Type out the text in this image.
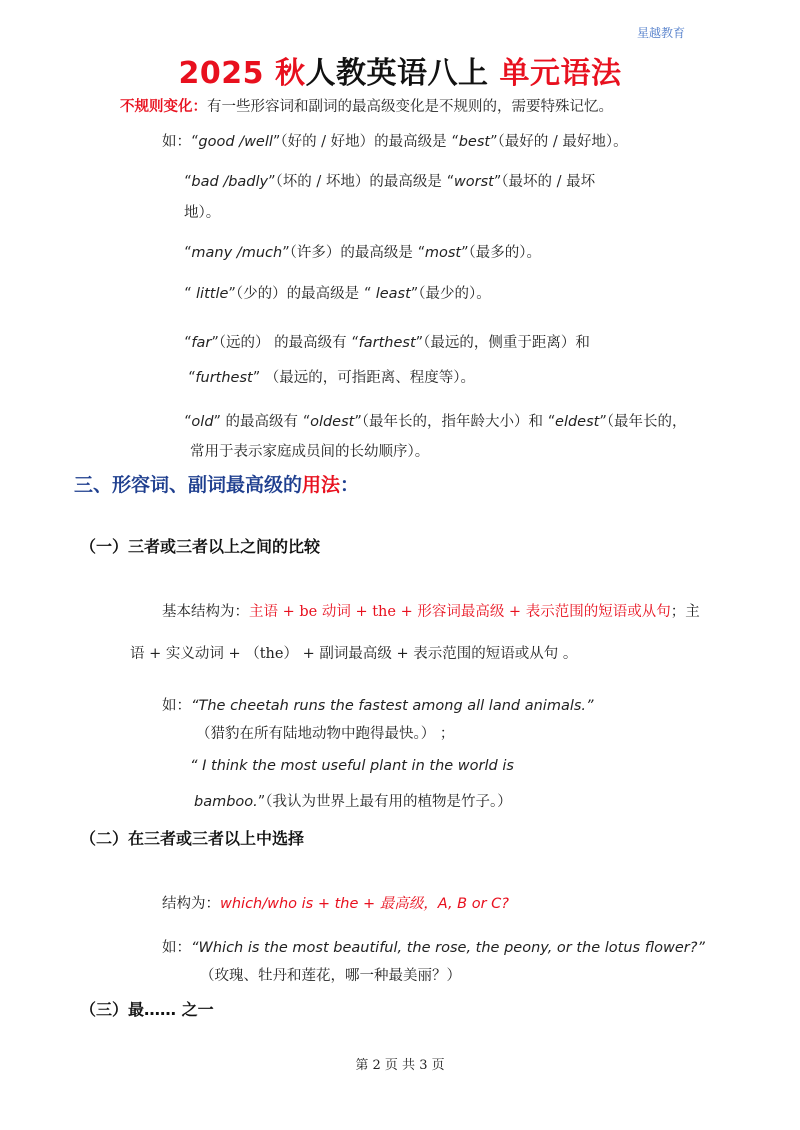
星越教育
2025 秋人教英语八上 单元语法
不规则变化：有一些形容词和副词的最高级变化是不规则的，需要特殊记忆。
如：“good /well”（好的 / 好地）的最高级是 “best”（最好的 / 最好地）。
“bad /badly”（坏的 / 坏地）的最高级是 “worst”（最坏的 / 最坏
地）。
“many /much”（许多）的最高级是 “most”（最多的）。
“ little”（少的）的最高级是 “ least”（最少的）。
“far”（远的） 的最高级有 “farthest”（最远的，侧重于距离）和
“furthest” （最远的，可指距离、程度等）。
“old” 的最高级有 “oldest”（最年长的，指年龄大小）和 “eldest”（最年长的，
常用于表示家庭成员间的长幼顺序）。
三、形容词、副词最高级的用法：
（一）三者或三者以上之间的比较
基本结构为：主语 + be 动词 + the + 形容词最高级 + 表示范围的短语或从句；主
语 + 实义动词 + （the） + 副词最高级 + 表示范围的短语或从句 。
如：“The cheetah runs the fastest among all land animals.”
（猎豹在所有陆地动物中跑得最快。） ；
“ I think the most useful plant in the world is
bamboo.”（我认为世界上最有用的植物是竹子。）
（二）在三者或三者以上中选择
结构为：which/who is + the + 最高级，A, B or C?
如：“Which is the most beautiful, the rose, the peony, or the lotus flower?”
（玫瑰、牡丹和莲花，哪一种最美丽？）
（三）最…… 之一
第 2 页 共 3 页
